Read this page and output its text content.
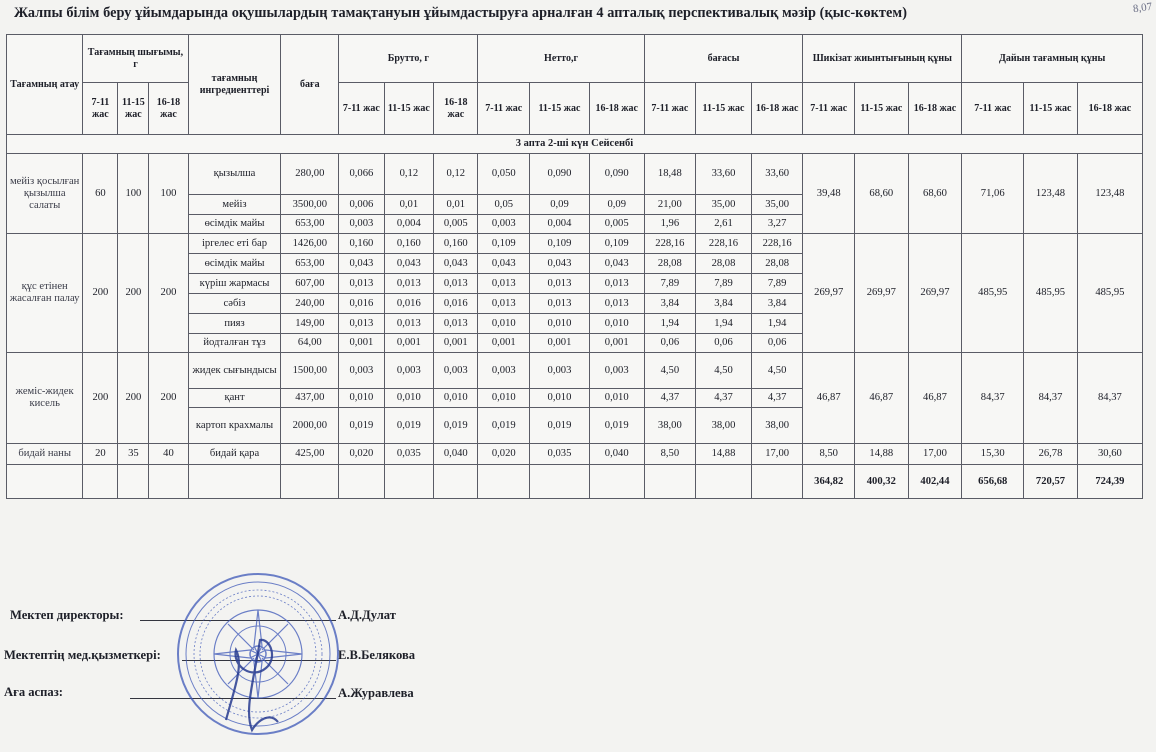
Жалпы білім беру ұйымдарында оқушылардың тамақтануын ұйымдастыруға арналған 4 апталық перспективалық мәзір (қыс-көктем)	8,07
Тағамның атау	Тағамның шығымы, г			тағамның ингредиенттері	баға	Брутто, г			Нетто,г			бағасы			Шикізат жиынтығының құны			Дайын тағамның құны		
	7-11 жас	11-15 жас	16-18 жас			7-11 жас	11-15 жас	16-18 жас	7-11 жас	11-15 жас	16-18 жас	7-11 жас	11-15 жас	16-18 жас	7-11 жас	11-15 жас	16-18 жас	7-11 жас	11-15 жас	16-18 жас
3 апта 2-ші күн Сейсенбі																				
мейіз қосылған қызылша салаты	60	100	100	қызылша	280,00	0,066	0,12	0,12	0,050	0,090	0,090	18,48	33,60	33,60	39,48	68,60	68,60	71,06	123,48	123,48
				мейіз	3500,00	0,006	0,01	0,01	0,05	0,09	0,09	21,00	35,00	35,00						
				өсімдік майы	653,00	0,003	0,004	0,005	0,003	0,004	0,005	1,96	2,61	3,27						
құс етінен жасалған палау	200	200	200	іргелес еті бар	1426,00	0,160	0,160	0,160	0,109	0,109	0,109	228,16	228,16	228,16	269,97	269,97	269,97	485,95	485,95	485,95
				өсімдік майы	653,00	0,043	0,043	0,043	0,043	0,043	0,043	28,08	28,08	28,08						
				күріш жармасы	607,00	0,013	0,013	0,013	0,013	0,013	0,013	7,89	7,89	7,89						
				сәбіз	240,00	0,016	0,016	0,016	0,013	0,013	0,013	3,84	3,84	3,84						
				пияз	149,00	0,013	0,013	0,013	0,010	0,010	0,010	1,94	1,94	1,94						
				йодталған тұз	64,00	0,001	0,001	0,001	0,001	0,001	0,001	0,06	0,06	0,06						
жеміс-жидек кисель	200	200	200	жидек сығындысы	1500,00	0,003	0,003	0,003	0,003	0,003	0,003	4,50	4,50	4,50	46,87	46,87	46,87	84,37	84,37	84,37
				қант	437,00	0,010	0,010	0,010	0,010	0,010	0,010	4,37	4,37	4,37						
				картоп крахмалы	2000,00	0,019	0,019	0,019	0,019	0,019	0,019	38,00	38,00	38,00						
бидай наны	20	35	40	бидай қара	425,00	0,020	0,035	0,040	0,020	0,035	0,040	8,50	14,88	17,00	8,50	14,88	17,00	15,30	26,78	30,60
															364,82	400,32	402,44	656,68	720,57	724,39
Мектеп директоры:	А.Д.Дулат
Мектептің мед.қызметкері:	Е.В.Белякова
Аға аспаз:	А.Журавлева
